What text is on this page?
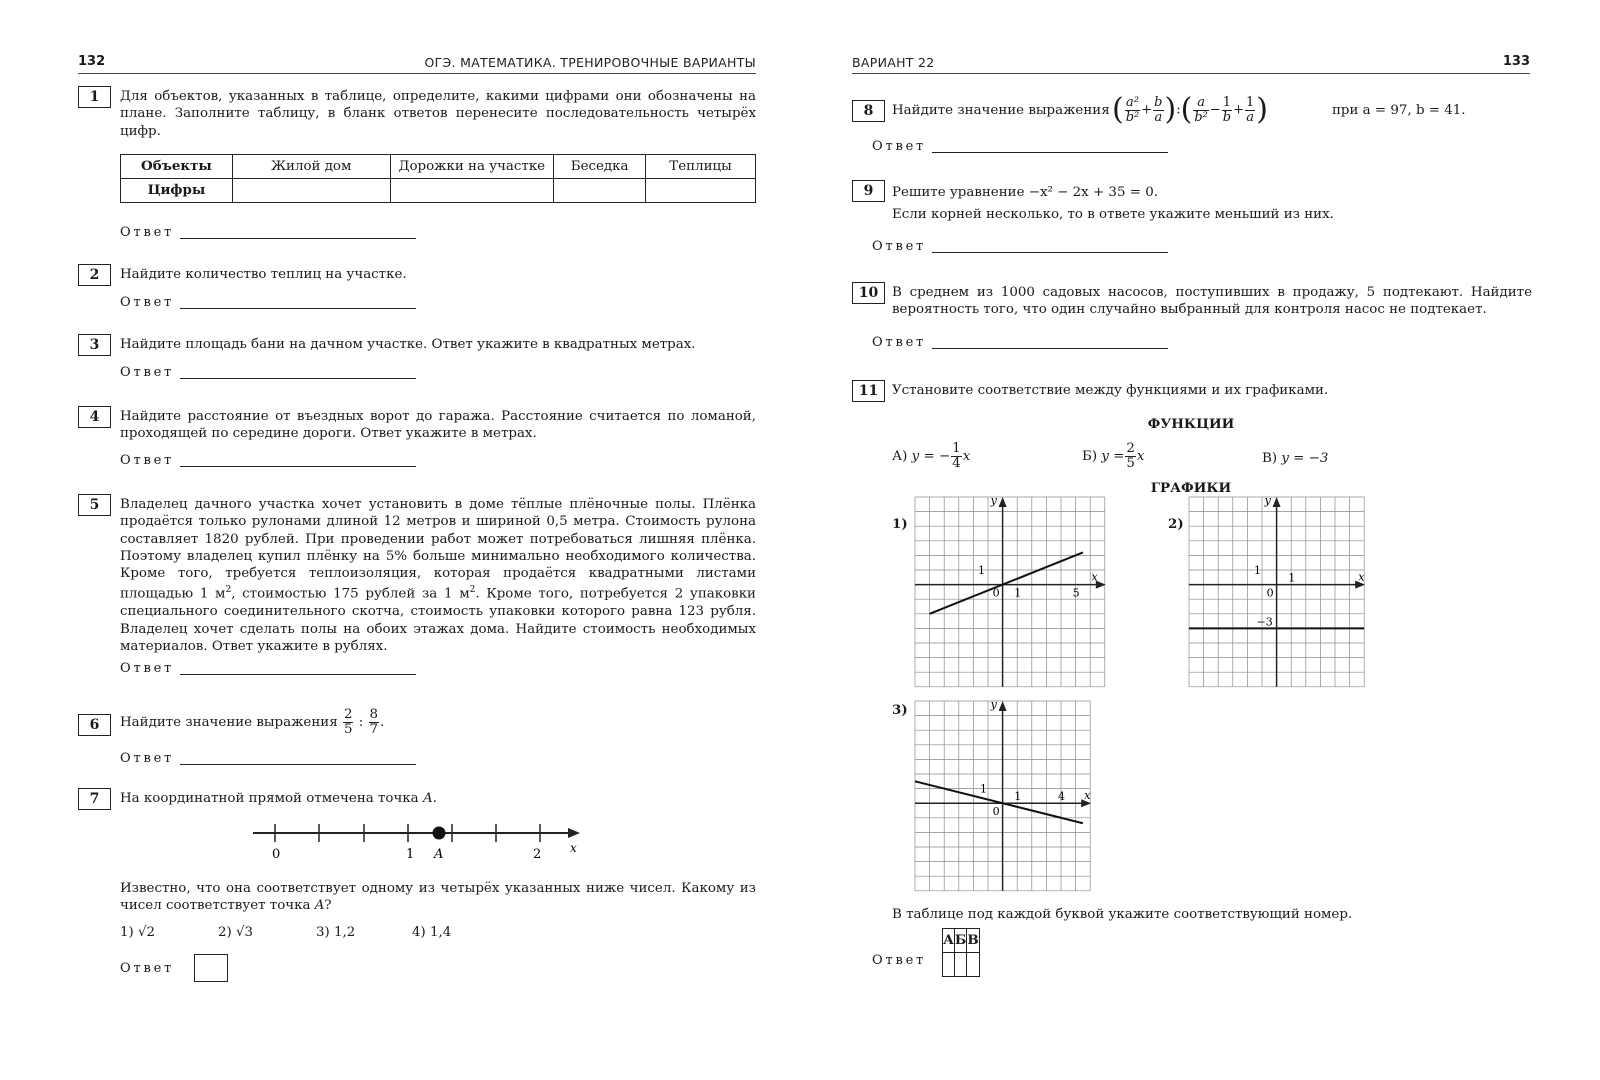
132	ОГЭ. МАТЕМАТИКА. ТРЕНИРОВОЧНЫЕ ВАРИАНТЫ
1	Для объектов, указанных в таблице, определите, какими цифрами они обозначены на плане. Заполните таблицу, в бланк ответов перенесите последовательность четырёх цифр.
Объекты	Жилой дом	Дорожки на участке	Беседка	Теплицы
Цифры				
Ответ
2	Найдите количество теплиц на участке.
Ответ
3	Найдите площадь бани на дачном участке. Ответ укажите в квадратных метрах.
Ответ
4	Найдите расстояние от въездных ворот до гаража. Расстояние считается по ломаной, проходящей по середине дороги. Ответ укажите в метрах.
Ответ
5	Владелец дачного участка хочет установить в доме тёплые плёночные полы. Плёнка продаётся только рулонами длиной 12 метров и шириной 0,5 метра. Стоимость рулона составляет 1820 рублей. При проведении работ может потребоваться лишняя плёнка. Поэтому владелец купил плёнку на 5% больше минимально необходимого количества. Кроме того, требуется теплоизоляция, которая продаётся квадратными листами площадью 1 $м^2$, стоимостью 175 рублей за 1 $м^2$. Кроме того, потребуется 2 упаковки специального соединительного скотча, стоимость упаковки которого равна 123 рубля. Владелец хочет сделать полы на обоих этажах дома. Найдите стоимость необходимых материалов. Ответ укажите в рублях.
Ответ
6	Найдите значение выражения $\frac{2}{5}$ : $\frac{8}{7}$ .
Ответ
7	На координатной прямой отмечена точка A.
0	1 A	2 x
Известно, что она соответствует одному из четырёх указанных ниже чисел. Какому из чисел соответствует точка A?
1) √2	2) √3	3) 1,2	4) 1,4
Ответ
ВАРИАНТ 22	133
8	Найдите значение выражения ( $\frac{\text{a²}}{\text{b²}} + \frac{b}{a}$ ):( $\frac{a}{\text{b²}} - \frac{1}{b} + \frac{1}{a}$ )	при a = 97, b = 41.
Ответ
9	Решите уравнение −x² − 2x + 35 = 0.
Если корней несколько, то в ответе укажите меньший из них.
Ответ
10	В среднем из 1000 садовых насосов, поступивших в продажу, 5 подтекают. Найдите вероятность того, что один случайно выбранный для контроля насос не подтекает.
Ответ
11	Установите соответствие между функциями и их графиками.
ФУНКЦИИ
А) y = − $\frac{1}{4}$ x	Б) $y = \frac{2}{5}$ x	В) y = −3
ГРАФИКИ
1)
1
0 1	5
x
y
2)
1
0
1
−3
x
y
3)
1
0
1	4 x
y
В таблице под каждой буквой укажите соответствующий номер.
Ответ
А	Б	В
